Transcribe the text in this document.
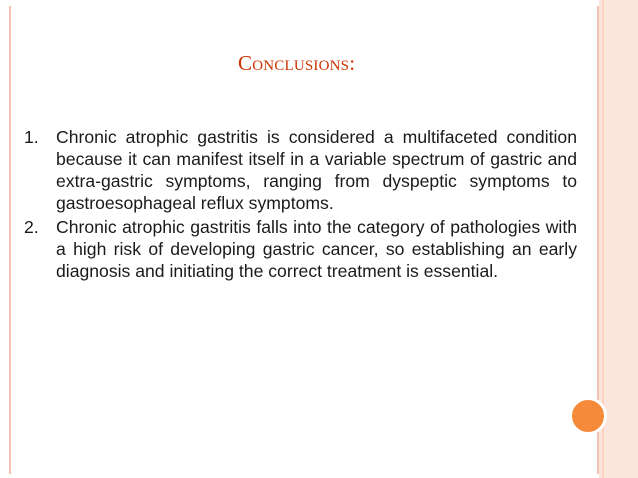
Conclusions:

1. Chronic atrophic gastritis is considered a multifaceted condition because it can manifest itself in a variable spectrum of gastric and extra-gastric symptoms, ranging from dyspeptic symptoms to gastroesophageal reflux symptoms.

2. Chronic atrophic gastritis falls into the category of pathologies with a high risk of developing gastric cancer, so establishing an early diagnosis and initiating the correct treatment is essential.
